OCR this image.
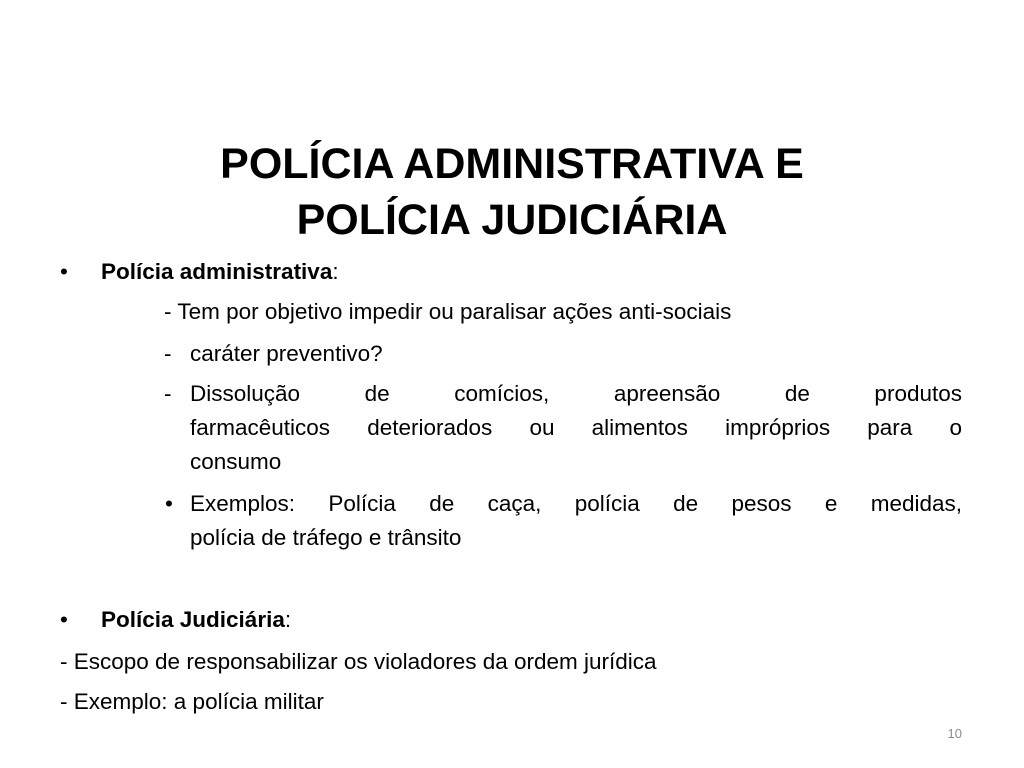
POLÍCIA ADMINISTRATIVA E
POLÍCIA JUDICIÁRIA
• Polícia administrativa:
- Tem por objetivo impedir ou paralisar ações anti-sociais
- caráter preventivo?
- Dissolução de comícios, apreensão de produtos
farmacêuticos deteriorados ou alimentos impróprios para o
consumo
• Exemplos: Polícia de caça, polícia de pesos e medidas,
polícia de tráfego e trânsito
• Polícia Judiciária:
- Escopo de responsabilizar os violadores da ordem jurídica
- Exemplo: a polícia militar
10
